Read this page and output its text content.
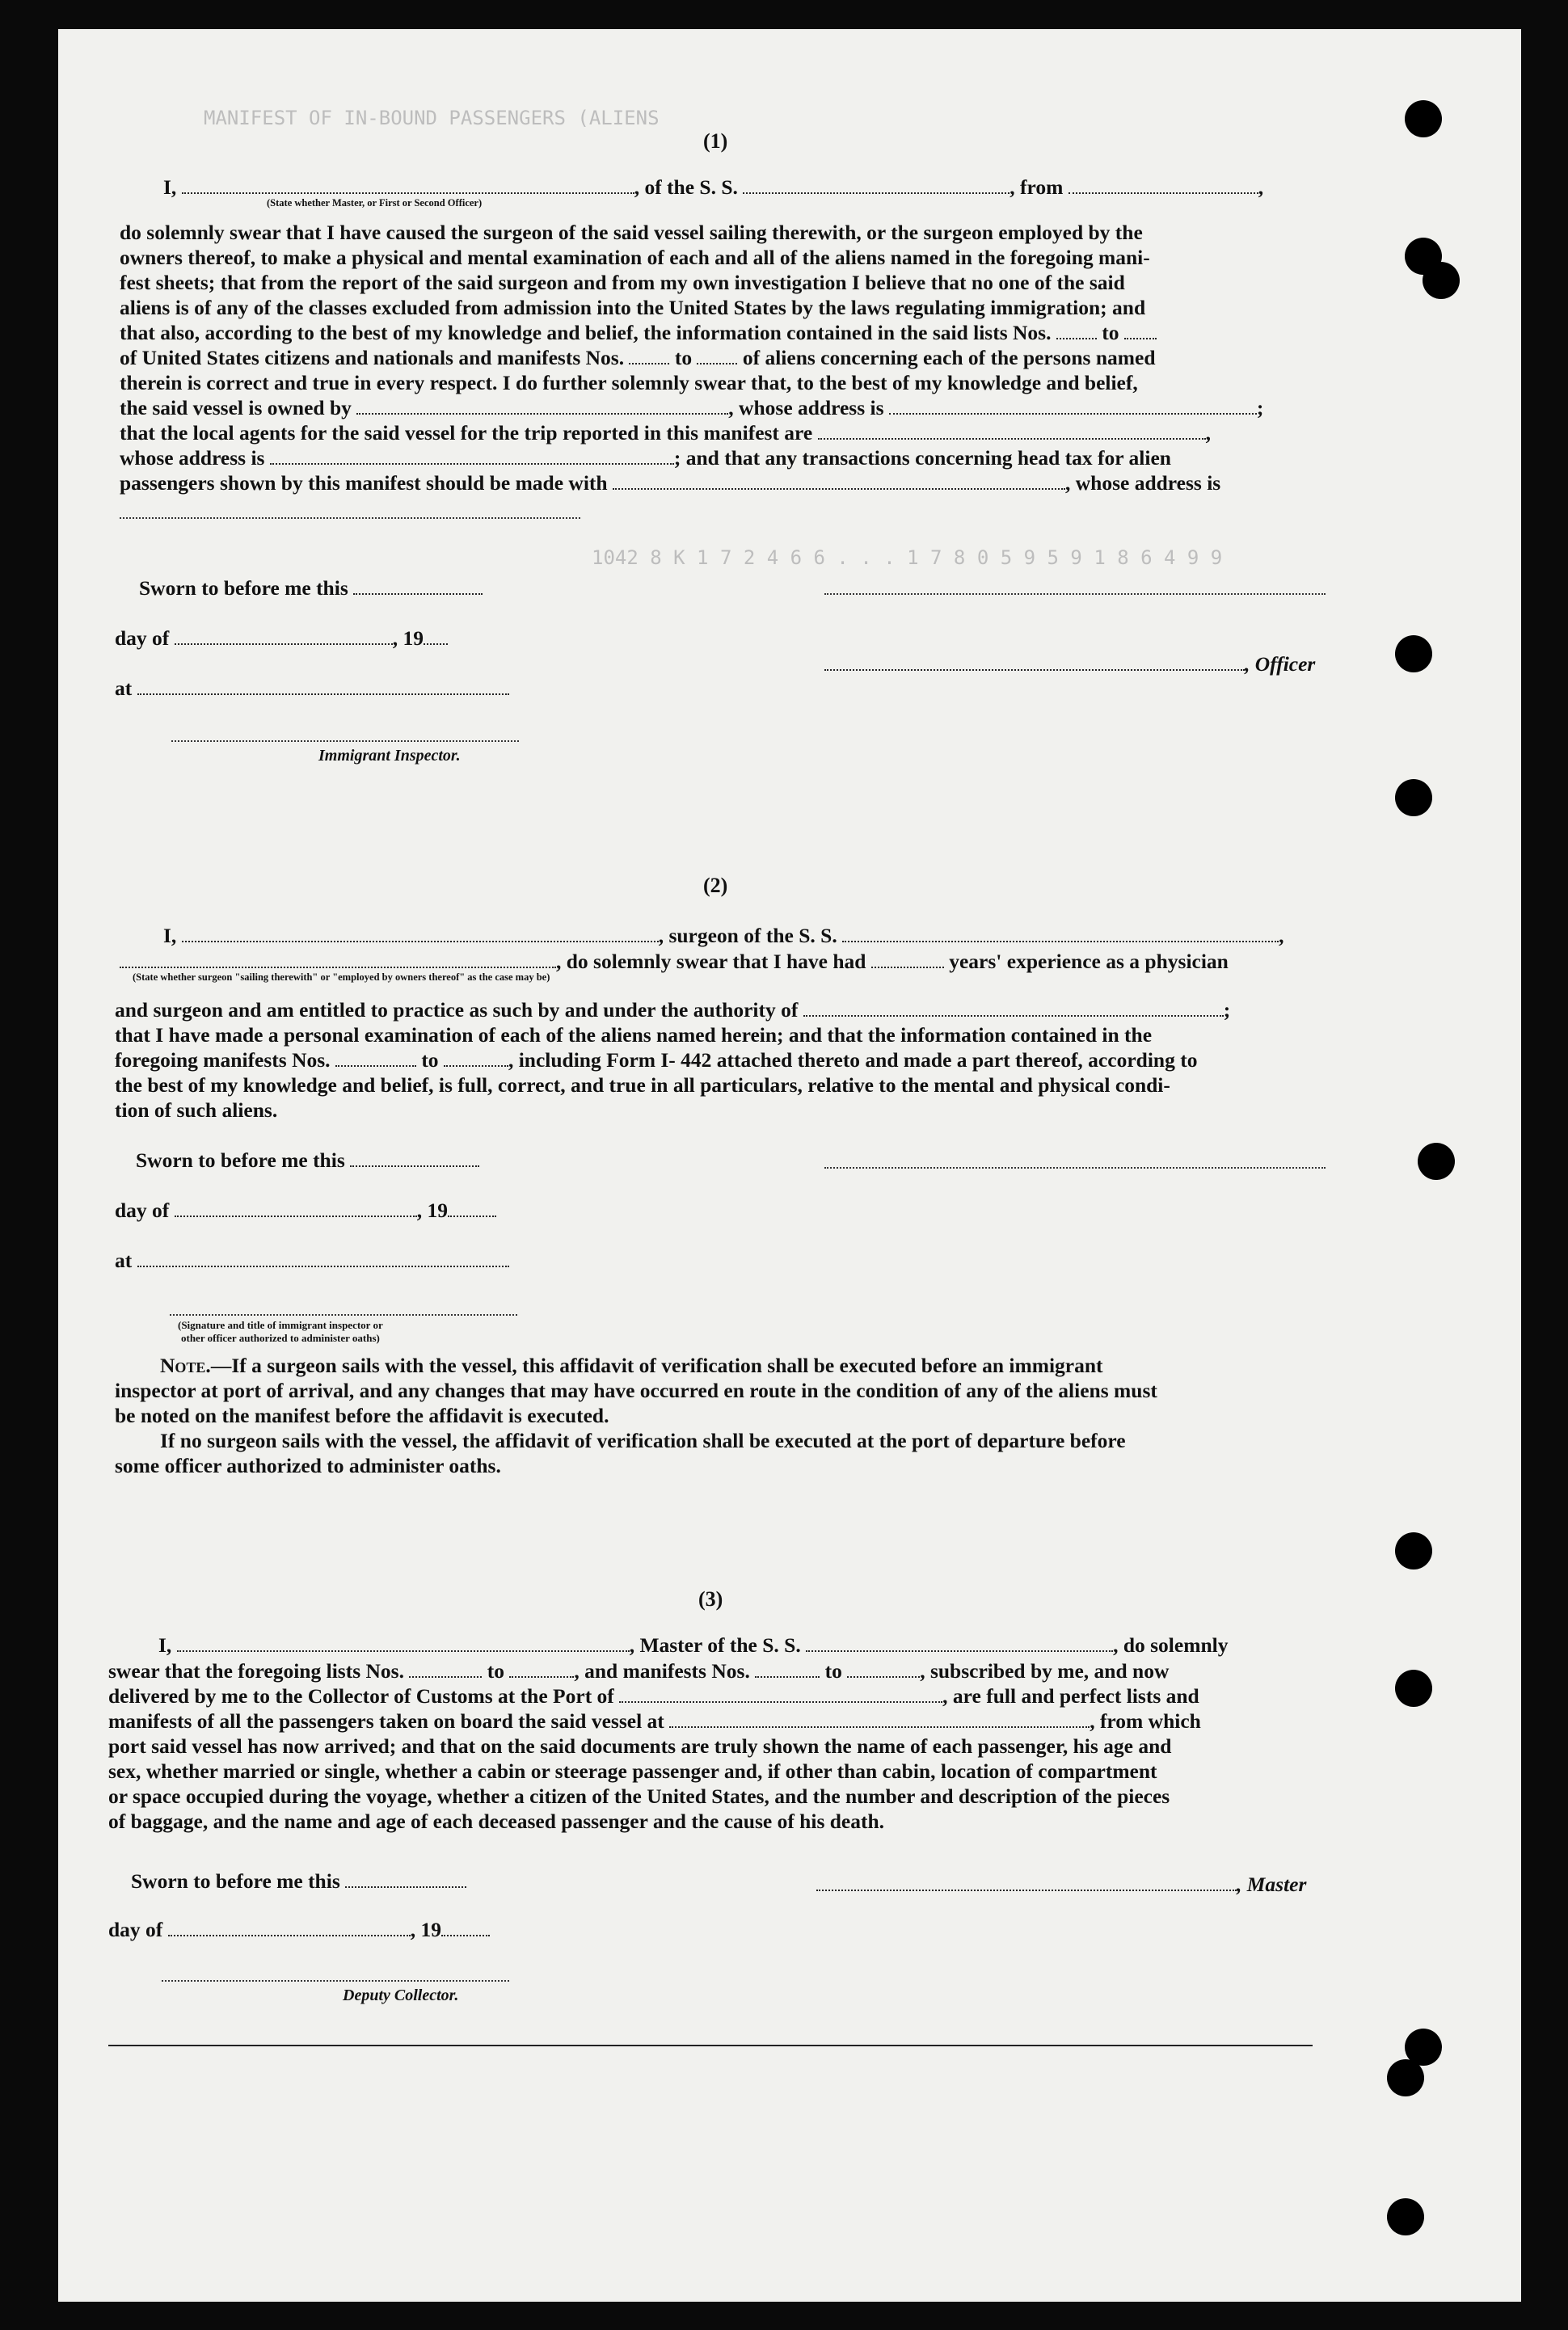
MANIFEST OF IN-BOUND PASSENGERS (ALIENS
1042 8 K 1 7 2 4 6 6 . . . 1 7 8 0 5 9 5 9 1 8 6 4 9 9
(1)
I,	, of the S. S.	, from	,
(State whether Master, or First or Second Officer)
do solemnly swear that I have caused the surgeon of the said vessel sailing therewith, or the surgeon employed by the
owners thereof, to make a physical and mental examination of each and all of the aliens named in the foregoing mani-
fest sheets; that from the report of the said surgeon and from my own investigation I believe that no one of the said
aliens is of any of the classes excluded from admission into the United States by the laws regulating immigration; and
that also, according to the best of my knowledge and belief, the information contained in the said lists Nos. to
of United States citizens and nationals and manifests Nos. to of aliens concerning each of the persons named
therein is correct and true in every respect. I do further solemnly swear that, to the best of my knowledge and belief,
the said vessel is owned by	, whose address is	;
that the local agents for the said vessel for the trip reported in this manifest are	,
whose address is	; and that any transactions concerning head tax for alien
passengers shown by this manifest should be made with	, whose address is
Sworn to before me this
day of	, 19
, Officer
at
Immigrant Inspector.
(2)
I,	, surgeon of the S. S.	,
, do solemnly swear that I have had	years' experience as a physician
(State whether surgeon "sailing therewith" or "employed by owners thereof" as the case may be)
and surgeon and am entitled to practice as such by and under the authority of	;
that I have made a personal examination of each of the aliens named herein; and that the information contained in the
foregoing manifests Nos.	to	, including Form I- 442 attached thereto and made a part thereof, according to
the best of my knowledge and belief, is full, correct, and true in all particulars, relative to the mental and physical condi-
tion of such aliens.
Sworn to before me this
day of	, 19
at
(Signature and title of immigrant inspector or
other officer authorized to administer oaths)
Note.—If a surgeon sails with the vessel, this affidavit of verification shall be executed before an immigrant
inspector at port of arrival, and any changes that may have occurred en route in the condition of any of the aliens must
be noted on the manifest before the affidavit is executed.
If no surgeon sails with the vessel, the affidavit of verification shall be executed at the port of departure before
some officer authorized to administer oaths.
(3)
I,	, Master of the S. S.	, do solemnly
swear that the foregoing lists Nos.	to	, and manifests Nos.	to	, subscribed by me, and now
delivered by me to the Collector of Customs at the Port of	, are full and perfect lists and
manifests of all the passengers taken on board the said vessel at	, from which
port said vessel has now arrived; and that on the said documents are truly shown the name of each passenger, his age and
sex, whether married or single, whether a cabin or steerage passenger and, if other than cabin, location of compartment
or space occupied during the voyage, whether a citizen of the United States, and the number and description of the pieces
of baggage, and the name and age of each deceased passenger and the cause of his death.
Sworn to before me this	, Master
day of	, 19
Deputy Collector.
